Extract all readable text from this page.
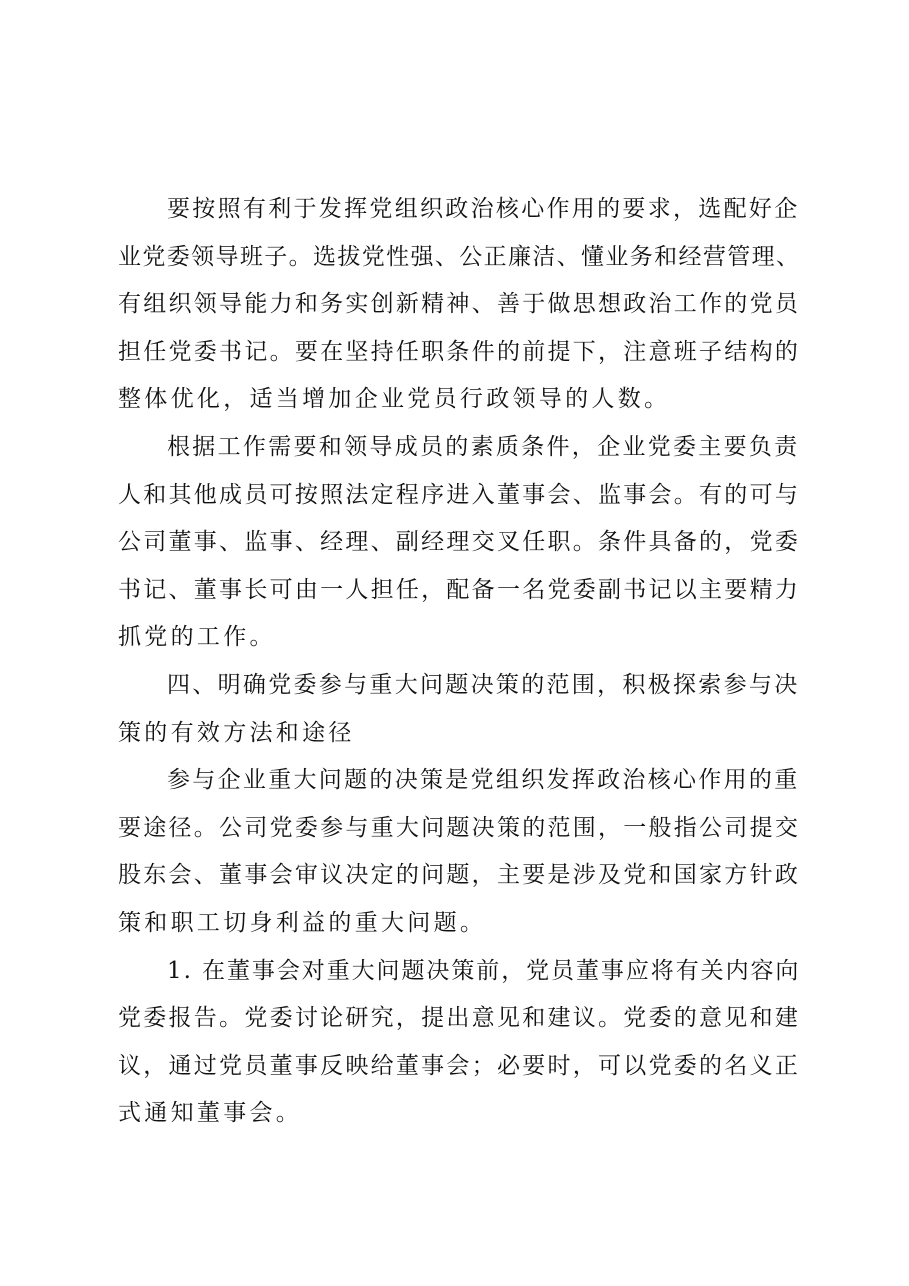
要按照有利于发挥党组织政治核心作用的要求，选配好企
业党委领导班子。选拔党性强、公正廉洁、懂业务和经营管理、
有组织领导能力和务实创新精神、善于做思想政治工作的党员
担任党委书记。要在坚持任职条件的前提下，注意班子结构的
整体优化，适当增加企业党员行政领导的人数。
根据工作需要和领导成员的素质条件，企业党委主要负责
人和其他成员可按照法定程序进入董事会、监事会。有的可与
公司董事、监事、经理、副经理交叉任职。条件具备的，党委
书记、董事长可由一人担任，配备一名党委副书记以主要精力
抓党的工作。
四、明确党委参与重大问题决策的范围，积极探索参与决
策的有效方法和途径
参与企业重大问题的决策是党组织发挥政治核心作用的重
要途径。公司党委参与重大问题决策的范围，一般指公司提交
股东会、董事会审议决定的问题，主要是涉及党和国家方针政
策和职工切身利益的重大问题。
1. 在董事会对重大问题决策前，党员董事应将有关内容向
党委报告。党委讨论研究，提出意见和建议。党委的意见和建
议，通过党员董事反映给董事会；必要时，可以党委的名义正
式通知董事会。
